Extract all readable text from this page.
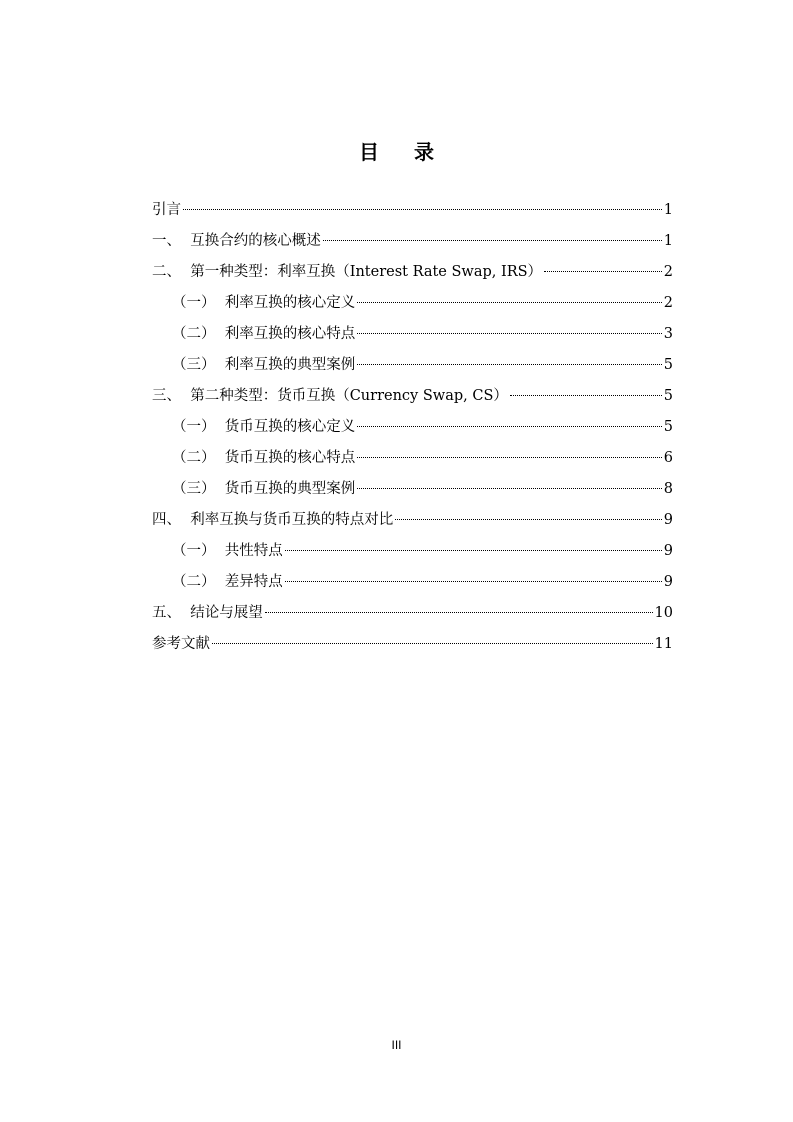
目 录
引言	1
一、 互换合约的核心概述	1
二、 第一种类型：利率互换（Interest Rate Swap, IRS）	2
（一） 利率互换的核心定义	2
（二） 利率互换的核心特点	3
（三） 利率互换的典型案例	5
三、 第二种类型：货币互换（Currency Swap, CS）	5
（一） 货币互换的核心定义	5
（二） 货币互换的核心特点	6
（三） 货币互换的典型案例	8
四、 利率互换与货币互换的特点对比	9
（一） 共性特点	9
（二） 差异特点	9
五、 结论与展望	10
参考文献	11
III
